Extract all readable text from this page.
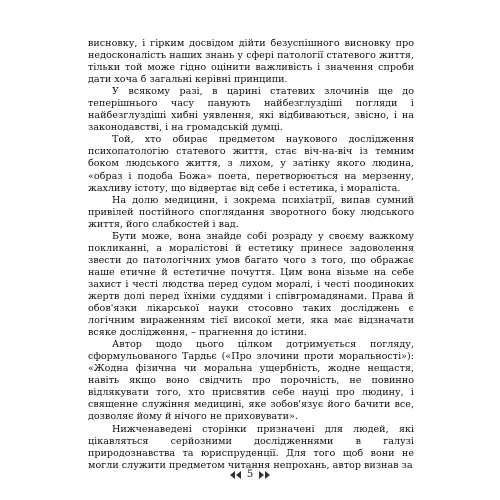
висновку, і гірким досвідом дійти безуспішного висновку про недосконалість наших знань у сфері патології статевого життя, тільки той може гідно оцінити важливість і значення спроби дати хоча б загальні керівні принципи.

У всякому разі, в царині статевих злочинів ще до теперішнього часу панують найбезглуздіші погляди і найбезглуздіші хибні уявлення, які відбиваються, звісно, і на законодавстві, і на громадській думці.

Той, хто обирає предметом наукового дослідження психопатологію статевого життя, стає віч-на-віч із темним боком людського життя, з лихом, у затінку якого людина, «образ і подоба Божа» поета, перетворюється на мерзенну, жахливу істоту, що відвертає від себе і естетика, і мораліста.

На долю медицини, і зокрема психіатрії, випав сумний привілей постійного споглядання зворотного боку людського життя, його слабкостей і вад.

Бути може, вона знайде собі розраду у своєму важкому покликанні, а моралістові й естетику принесе задоволення звести до патологічних умов багато чого з того, що ображає наше етичне й естетичне почуття. Цим вона візьме на себе захист і честі людства перед судом моралі, і честі поодиноких жертв долі перед їхніми суддями і співгромадянами. Права й обов'язки лікарської науки стосовно таких досліджень є логічним вираженням тієї високої мети, яка має відзначати всяке дослідження, – прагнення до істини.

Автор щодо цього цілком дотримується погляду, сформульованого Тардьє («Про злочини проти моральності»): «Жодна фізична чи моральна ущербність, жодне нещастя, навіть якщо воно свідчить про порочність, не повинно відлякувати того, хто присвятив себе науці про людину, і священне служіння медицині, яке зобов'язує його бачити все, дозволяє йому й нічого не приховувати».

Нижченаведені сторінки призначені для людей, які цікавляться серйозними дослідженнями в галузі природознавства та юриспруденції. Для того щоб вони не могли служити предметом читання непрохань, автор визнав за

5
